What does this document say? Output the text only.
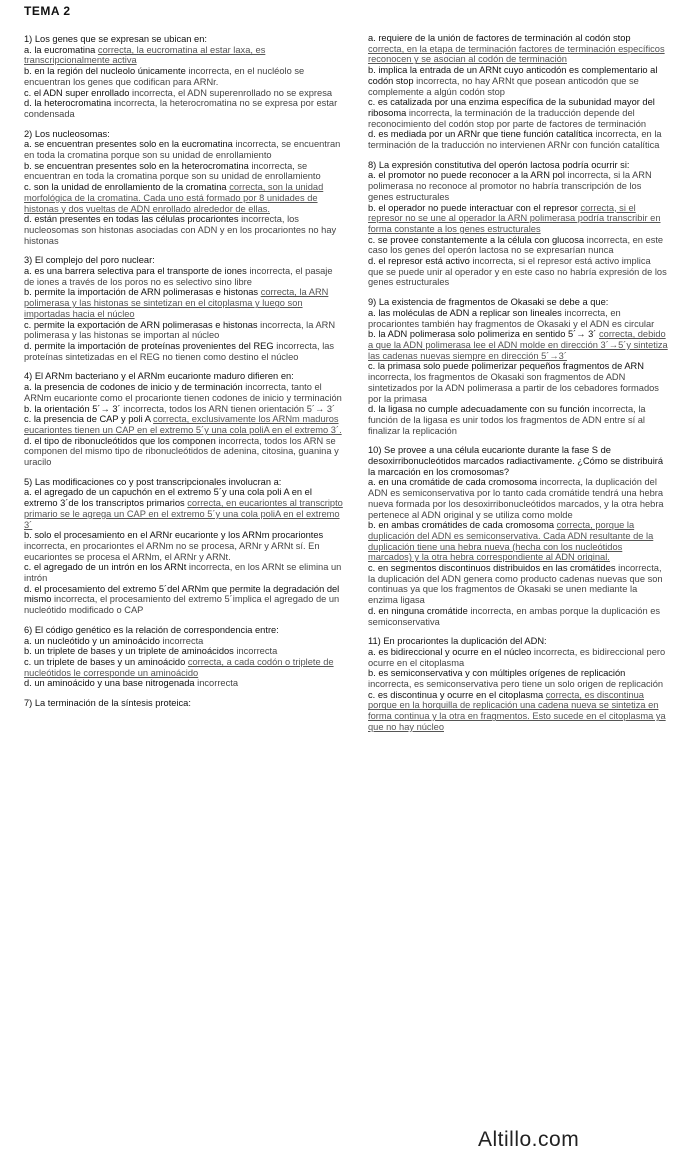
TEMA 2

1) Los genes que se expresan se ubican en:

a. la eucromatina correcta, la eucromatina al estar laxa, es transcripcionalmente activa

b. en la región del nucleolo únicamente incorrecta, en el nucléolo se encuentran los genes que codifican para ARNr.

c. el ADN super enrollado incorrecta, el ADN superenrollado no se expresa

d. la heterocromatina incorrecta, la heterocromatina no se expresa por estar condensada

2) Los nucleosomas:

a. se encuentran presentes solo en la eucromatina incorrecta, se encuentran en toda la cromatina porque son su unidad de enrollamiento

b. se encuentran presentes solo en la heterocromatina incorrecta, se encuentran en toda la cromatina porque son su unidad de enrollamiento

c. son la unidad de enrollamiento de la cromatina correcta, son la unidad morfológica de la cromatina. Cada uno está formado por 8 unidades de histonas y dos vueltas de ADN enrollado alrededor de ellas.

d. están presentes en todas las células procariontes incorrecta, los nucleosomas son histonas asociadas con ADN y en los procariontes no hay histonas

3) El complejo del poro nuclear:

a. es una barrera selectiva para el transporte de iones incorrecta, el pasaje de iones a través de los poros no es selectivo sino libre

b. permite la importación de ARN polimerasas e histonas correcta, la ARN polimerasa y las histonas se sintetizan en el citoplasma y luego son importadas hacia el núcleo

c. permite la exportación de ARN polimerasas e histonas incorrecta, la ARN polimerasa y las histonas se importan al núcleo

d. permite la importación de proteínas provenientes del REG incorrecta, las proteínas sintetizadas en el REG no tienen como destino el núcleo

4) El ARNm bacteriano y el ARNm eucarionte maduro difieren en:

a. la presencia de codones de inicio y de terminación incorrecta, tanto el ARNm eucarionte como el procarionte tienen codones de inicio y terminación

b. la orientación 5´→ 3´ incorrecta, todos los ARN tienen orientación 5´→ 3´

c. la presencia de CAP y poli A correcta, exclusivamente los ARNm maduros eucariontes tienen un CAP en el extremo 5´y una cola poliA en el extremo 3´.

d. el tipo de ribonucleótidos que los componen incorrecta, todos los ARN se componen del mismo tipo de ribonucleótidos de adenina, citosina, guanina y uracilo

5) Las modificaciones co y post transcripcionales involucran a:

a. el agregado de un capuchón en el extremo 5´y una cola poli A en el extremo 3´de los transcriptos primarios correcta, en eucariontes al transcripto primario se le agrega un CAP en el extremo 5´y una cola poliA en el extremo 3´

b. solo el procesamiento en el ARNr eucarionte y los ARNm procariontes incorrecta, en procariontes el ARNm no se procesa, ARNr y ARNt sí. En eucariontes se procesa el ARNm, el ARNr y ARNt.

c. el agregado de un intrón en los ARNt incorrecta, en los ARNt se elimina un intrón

d. el procesamiento del extremo 5´del ARNm que permite la degradación del mismo incorrecta, el procesamiento del extremo 5´implica el agregado de un nucleótido modificado o CAP

6) El código genético es la relación de correspondencia entre:

a. un nucleótido y un aminoácido incorrecta

b. un triplete de bases y un triplete de aminoácidos incorrecta

c. un triplete de bases y un aminoácido correcta, a cada codón o triplete de nucleótidos le corresponde un aminoácido

d. un aminoácido y una base nitrogenada incorrecta

7) La terminación de la síntesis proteica:

a. requiere de la unión de factores de terminación al codón stop correcta, en la etapa de terminación factores de terminación específicos reconocen y se asocian al codón de terminación

b. implica la entrada de un ARNt cuyo anticodón es complementario al codón stop incorrecta, no hay ARNt que posean anticodón que se complemente a algún codón stop

c. es catalizada por una enzima específica de la subunidad mayor del ribosoma incorrecta, la terminación de la traducción depende del reconocimiento del codón stop por parte de factores de terminación

d. es mediada por un ARNr que tiene función catalítica incorrecta, en la terminación de la traducción no intervienen ARNr con función catalítica

8) La expresión constitutiva del operón lactosa podría ocurrir si:

a. el promotor no puede reconocer a la ARN pol incorrecta, si la ARN polimerasa no reconoce al promotor no habría transcripción de los genes estructurales

b. el operador no puede interactuar con el represor correcta, si el represor no se une al operador la ARN polimerasa podría transcribir en forma constante a los genes estructurales

c. se provee constantemente a la célula con glucosa incorrecta, en este caso los genes del operón lactosa no se expresarían nunca

d. el represor está activo incorrecta, si el represor está activo implica que se puede unir al operador y en este caso no habría expresión de los genes estructurales

9) La existencia de fragmentos de Okasaki se debe a que:

a. las moléculas de ADN a replicar son lineales incorrecta, en procariontes también hay fragmentos de Okasaki y el ADN es circular

b. la ADN polimerasa solo polimeriza en sentido 5´→ 3´ correcta, debido a que la ADN polimerasa lee el ADN molde en dirección 3´→5´y sintetiza las cadenas nuevas siempre en dirección 5´→3´

c. la primasa solo puede polimerizar pequeños fragmentos de ARN incorrecta, los fragmentos de Okasaki son fragmentos de ADN sintetizados por la ADN polimerasa a partir de los cebadores formados por la primasa

d. la ligasa no cumple adecuadamente con su función incorrecta, la función de la ligasa es unir todos los fragmentos de ADN entre sí al finalizar la replicación

10) Se provee a una célula eucarionte durante la fase S de desoxirribonucleótidos marcados radiactivamente. ¿Cómo se distribuirá la marcación en los cromosomas?

a. en una cromátide de cada cromosoma incorrecta, la duplicación del ADN es semiconservativa por lo tanto cada cromátide tendrá una hebra nueva formada por los desoxirribonucleótidos marcados, y la otra hebra pertenece al ADN original y se utiliza como molde

b. en ambas cromátides de cada cromosoma correcta, porque la duplicación del ADN es semiconservativa. Cada ADN resultante de la duplicación tiene una hebra nueva (hecha con los nucleótidos marcados) y la otra hebra correspondiente al ADN original.

c. en segmentos discontinuos distribuidos en las cromátides incorrecta, la duplicación del ADN genera como producto cadenas nuevas que son continuas ya que los fragmentos de Okasaki se unen mediante la enzima ligasa

d. en ninguna cromátide incorrecta, en ambas porque la duplicación es semiconservativa

11) En procariontes la duplicación del ADN:

a. es bidireccional y ocurre en el núcleo incorrecta, es bidireccional pero ocurre en el citoplasma

b. es semiconservativa y con múltiples orígenes de replicación incorrecta, es semiconservativa pero tiene un solo origen de replicación

c. es discontinua y ocurre en el citoplasma correcta, es discontinua porque en la horquilla de replicación una cadena nueva se sintetiza en forma continua y la otra en fragmentos. Esto sucede en el citoplasma ya que no hay núcleo

Altillo.com
